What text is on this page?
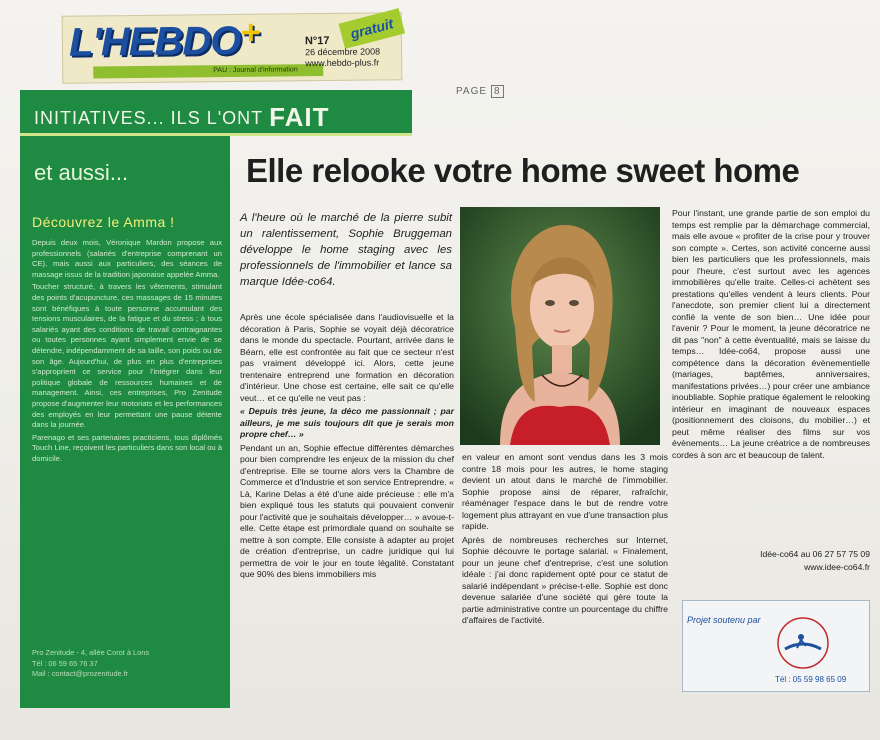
L'HEBDO+
PAU : Journal d'information
gratuit
N°17
26 décembre 2008
www.hebdo-plus.fr
INITIATIVES... ILS L'ONT FAIT
PAGE 8
et aussi...
Découvrez le Amma !

Depuis deux mois, Véronique Mardon propose aux professionnels (salariés d'entreprise comprenant un CE), mais aussi aux particuliers, des séances de massage issus de la tradition japonaise appelée Amma.

Toucher structuré, à travers les vêtements, stimulant des points d'acupuncture, ces massages de 15 minutes sont bénéfiques à toute personne accumulant des tensions musculaires, de la fatigue et du stress ; à tous salariés ayant des conditions de travail contraignantes ou toutes personnes ayant simplement envie de se détendre, indépendamment de sa taille, son poids ou de son âge. Aujourd'hui, de plus en plus d'entreprises s'approprient ce service pour l'intégrer dans leur politique globale de ressources humaines et de management. Ainsi, ces entreprises, Pro Zenitude propose d'augmenter leur motoriats et les performances des employés en leur permettant une pause détente dans la journée.

Parenago et ses partenaires practiciens, tous diplômés Touch Line, reçoivent les particuliers dans son local ou à domicile.

Pro Zenitude - 4, allée Corot à Lons
Tél : 06 59 65 76 37
Mail : contact@prozenitude.fr
Elle relooke votre home sweet home
A l'heure où le marché de la pierre subit un ralentissement, Sophie Bruggeman développe le home staging avec les professionnels de l'immobilier et lance sa marque Idée-co64.

Après une école spécialisée dans l'audiovisuelle et la décoration à Paris, Sophie se voyait déjà décoratrice dans le monde du spectacle. Pourtant, arrivée dans le Béarn, elle est confrontée au fait que ce secteur n'est pas vraiment développé ici. Alors, cette jeune trentenaire entreprend une formation en décoration d'intérieur. Une chose est certaine, elle sait ce qu'elle veut… et ce qu'elle ne veut pas :

« Depuis très jeune, la déco me passionnait ; par ailleurs, je me suis toujours dit que je serais mon propre chef… »

Pendant un an, Sophie effectue différentes démarches pour bien comprendre les enjeux de la mission du chef d'entreprise. Elle se tourne alors vers la Chambre de Commerce et d'Industrie et son service Entreprendre. « Là, Karine Delas a été d'une aide précieuse : elle m'a bien expliqué tous les statuts qui pouvaient convenir pour l'activité que je souhaitais développer… » avoue-t-elle. Cette étape est primordiale quand on souhaite se mettre à son compte. Elle consiste à adapter au projet de création d'entreprise, un cadre juridique qui lui permettra de voir le jour en toute légalité. Constatant que 90% des biens immobiliers mis

en valeur en amont sont vendus dans les 3 mois contre 18 mois pour les autres, le home staging devient un atout dans le marché de l'immobilier. Sophie propose ainsi de réparer, rafraîchir, réaménager l'espace dans le but de rendre votre logement plus attrayant en vue d'une transaction plus rapide.

Après de nombreuses recherches sur Internet, Sophie découvre le portage salarial. « Finalement, pour un jeune chef d'entreprise, c'est une solution idéale : j'ai donc rapidement opté pour ce statut de salarié indépendant » précise-t-elle. Sophie est donc devenue salariée d'une société qui gère toute la partie administrative contre un pourcentage du chiffre d'affaires de l'activité.

Pour l'instant, une grande partie de son emploi du temps est remplie par la démarchage commercial, mais elle avoue « profiter de la crise pour y trouver son compte ». Certes, son activité concerne aussi bien les particuliers que les professionnels, mais pour l'heure, c'est surtout avec les agences immobilières qu'elle traite. Celles-ci achètent ses prestations qu'elles vendent à leurs clients. Pour l'anecdote, son premier client lui a directement confié la vente de son bien… Une idée pour l'avenir ? Pour le moment, la jeune décoratrice ne dit pas "non" à cette éventualité, mais se laisse du temps… Idée-co64, propose aussi une compétence dans la décoration évènementielle (mariages, baptêmes, anniversaires, manifestations privées…) pour créer une ambiance inoubliable. Sophie pratique également le relooking intérieur en imaginant de nouveaux espaces (positionnement des cloisons, du mobilier…) et peut même réaliser des films sur vos évènements… La jeune créatrice a de nombreuses cordes à son arc et beaucoup de talent.

Idée-co64 au 06 27 57 75 09
www.idee-co64.fr
Projet soutenu par
Tél : 05 59 98 65 09
